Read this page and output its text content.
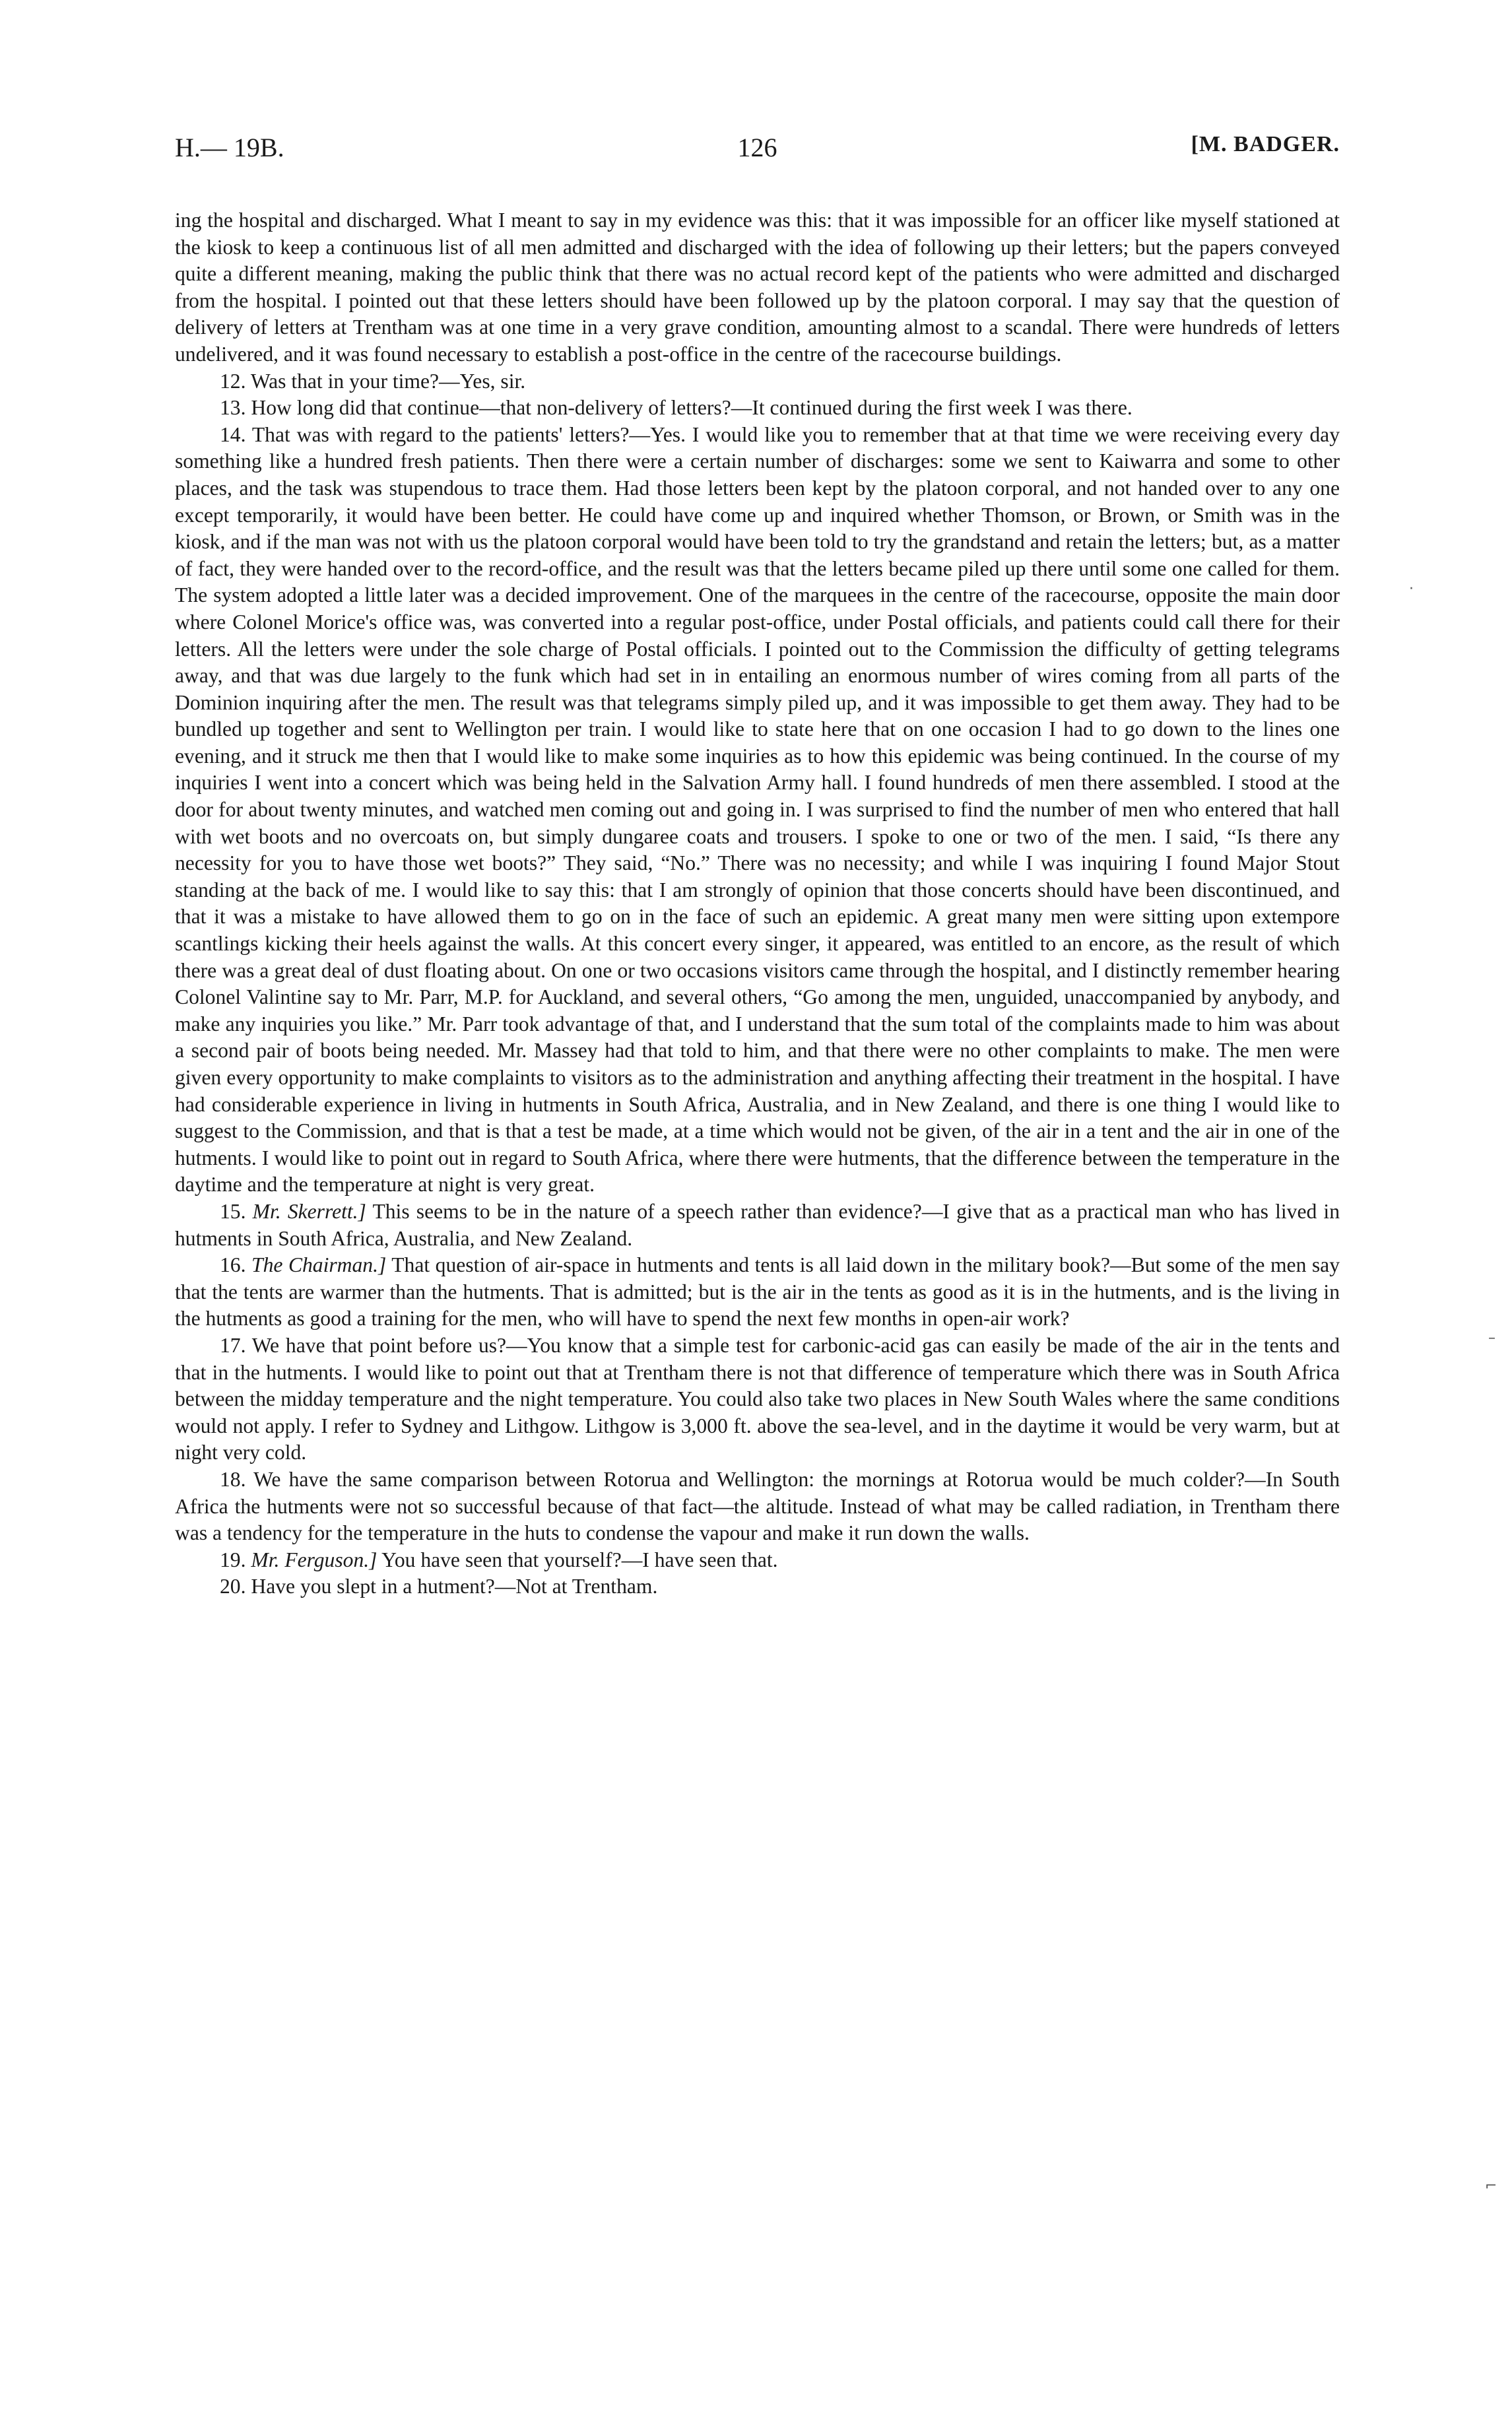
H.— 19B.	126	[M. BADGER.

ing the hospital and discharged. What I meant to say in my evidence was this: that it was impossible for an officer like myself stationed at the kiosk to keep a continuous list of all men admitted and discharged with the idea of following up their letters; but the papers conveyed quite a different meaning, making the public think that there was no actual record kept of the patients who were admitted and discharged from the hospital. I pointed out that these letters should have been followed up by the platoon corporal. I may say that the question of delivery of letters at Trentham was at one time in a very grave condition, amounting almost to a scandal. There were hundreds of letters undelivered, and it was found necessary to establish a post-office in the centre of the racecourse buildings.

12. Was that in your time?—Yes, sir.

13. How long did that continue—that non-delivery of letters?—It continued during the first week I was there.

14. That was with regard to the patients' letters?—Yes. I would like you to remember that at that time we were receiving every day something like a hundred fresh patients. Then there were a certain number of discharges: some we sent to Kaiwarra and some to other places, and the task was stupendous to trace them. Had those letters been kept by the platoon corporal, and not handed over to any one except temporarily, it would have been better. He could have come up and inquired whether Thomson, or Brown, or Smith was in the kiosk, and if the man was not with us the platoon corporal would have been told to try the grandstand and retain the letters; but, as a matter of fact, they were handed over to the record-office, and the result was that the letters became piled up there until some one called for them. The system adopted a little later was a decided improvement. One of the marquees in the centre of the racecourse, opposite the main door where Colonel Morice's office was, was converted into a regular post-office, under Postal officials, and patients could call there for their letters. All the letters were under the sole charge of Postal officials. I pointed out to the Commission the difficulty of getting telegrams away, and that was due largely to the funk which had set in in entailing an enormous number of wires coming from all parts of the Dominion inquiring after the men. The result was that telegrams simply piled up, and it was impossible to get them away. They had to be bundled up together and sent to Wellington per train. I would like to state here that on one occasion I had to go down to the lines one evening, and it struck me then that I would like to make some inquiries as to how this epidemic was being continued. In the course of my inquiries I went into a concert which was being held in the Salvation Army hall. I found hundreds of men there assembled. I stood at the door for about twenty minutes, and watched men coming out and going in. I was surprised to find the number of men who entered that hall with wet boots and no overcoats on, but simply dungaree coats and trousers. I spoke to one or two of the men. I said, “Is there any necessity for you to have those wet boots?” They said, “No.” There was no necessity; and while I was inquiring I found Major Stout standing at the back of me. I would like to say this: that I am strongly of opinion that those concerts should have been discontinued, and that it was a mistake to have allowed them to go on in the face of such an epidemic. A great many men were sitting upon extempore scantlings kicking their heels against the walls. At this concert every singer, it appeared, was entitled to an encore, as the result of which there was a great deal of dust floating about. On one or two occasions visitors came through the hospital, and I distinctly remember hearing Colonel Valintine say to Mr. Parr, M.P. for Auckland, and several others, “Go among the men, unguided, unaccompanied by anybody, and make any inquiries you like.” Mr. Parr took advantage of that, and I understand that the sum total of the complaints made to him was about a second pair of boots being needed. Mr. Massey had that told to him, and that there were no other complaints to make. The men were given every opportunity to make complaints to visitors as to the administration and anything affecting their treatment in the hospital. I have had considerable experience in living in hutments in South Africa, Australia, and in New Zealand, and there is one thing I would like to suggest to the Commission, and that is that a test be made, at a time which would not be given, of the air in a tent and the air in one of the hutments. I would like to point out in regard to South Africa, where there were hutments, that the difference between the temperature in the daytime and the temperature at night is very great.

15. Mr. Skerrett.] This seems to be in the nature of a speech rather than evidence?—I give that as a practical man who has lived in hutments in South Africa, Australia, and New Zealand.

16. The Chairman.] That question of air-space in hutments and tents is all laid down in the military book?—But some of the men say that the tents are warmer than the hutments. That is admitted; but is the air in the tents as good as it is in the hutments, and is the living in the hutments as good a training for the men, who will have to spend the next few months in open-air work?

17. We have that point before us?—You know that a simple test for carbonic-acid gas can easily be made of the air in the tents and that in the hutments. I would like to point out that at Trentham there is not that difference of temperature which there was in South Africa between the midday temperature and the night temperature. You could also take two places in New South Wales where the same conditions would not apply. I refer to Sydney and Lithgow. Lithgow is 3,000 ft. above the sea-level, and in the daytime it would be very warm, but at night very cold.

18. We have the same comparison between Rotorua and Wellington: the mornings at Rotorua would be much colder?—In South Africa the hutments were not so successful because of that fact—the altitude. Instead of what may be called radiation, in Trentham there was a tendency for the temperature in the huts to condense the vapour and make it run down the walls.

19. Mr. Ferguson.] You have seen that yourself?—I have seen that.

20. Have you slept in a hutment?—Not at Trentham.

·
–
⌐
